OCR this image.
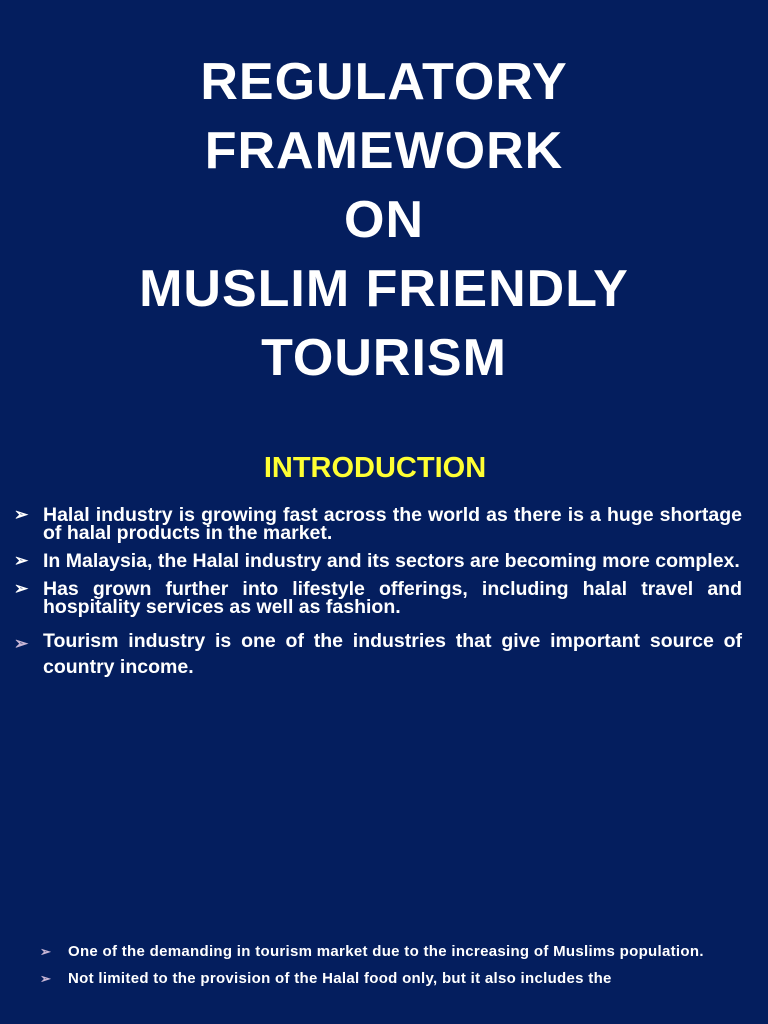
REGULATORY
FRAMEWORK
ON
MUSLIM FRIENDLY
TOURISM
INTRODUCTION
➢ Halal industry is growing fast across the world as there is a huge shortage of halal products in the market.
➢ In Malaysia, the Halal industry and its sectors are becoming more complex.
➢ Has grown further into lifestyle offerings, including halal travel and hospitality services as well as fashion.
➢ Tourism industry is one of the industries that give important source of country income.
➢ One of the demanding in tourism market due to the increasing of Muslims population.
➢ Not limited to the provision of the Halal food only, but it also includes the
